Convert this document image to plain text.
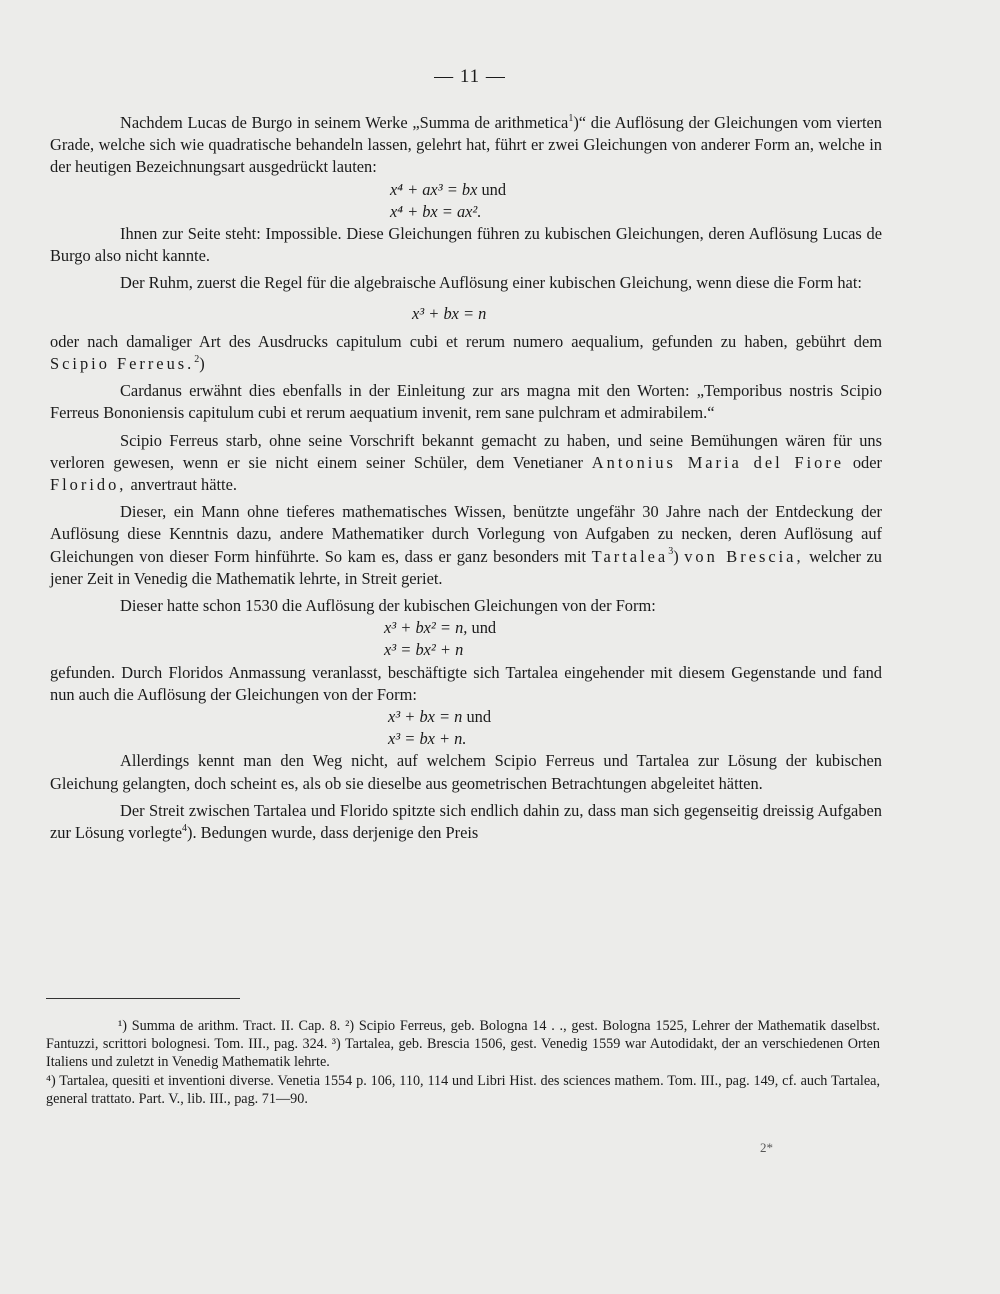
— 11 —

Nachdem Lucas de Burgo in seinem Werke „Summa de arithmetica$^1$)“ die Auflösung der Gleichungen vom vierten Grade, welche sich wie quadratische behandeln lassen, gelehrt hat, führt er zwei Gleichungen von anderer Form an, welche in der heutigen Bezeichnungsart ausgedrückt lauten:

x⁴ + ax³ = bx und

x⁴ + bx = ax².

Ihnen zur Seite steht: Impossible. Diese Gleichungen führen zu kubischen Gleichungen, deren Auflösung Lucas de Burgo also nicht kannte.

Der Ruhm, zuerst die Regel für die algebraische Auflösung einer kubischen Gleichung, wenn diese die Form hat:

x³ + bx = n

oder nach damaliger Art des Ausdrucks capitulum cubi et rerum numero aequalium, gefunden zu haben, gebührt dem Scipio Ferreus.$^2$)

Cardanus erwähnt dies ebenfalls in der Einleitung zur ars magna mit den Worten: „Temporibus nostris Scipio Ferreus Bononiensis capitulum cubi et rerum aequatium invenit, rem sane pulchram et admirabilem.“

Scipio Ferreus starb, ohne seine Vorschrift bekannt gemacht zu haben, und seine Bemühungen wären für uns verloren gewesen, wenn er sie nicht einem seiner Schüler, dem Venetianer Antonius Maria del Fiore oder Florido, anvertraut hätte.

Dieser, ein Mann ohne tieferes mathematisches Wissen, benützte ungefähr 30 Jahre nach der Entdeckung der Auflösung diese Kenntnis dazu, andere Mathematiker durch Vorlegung von Aufgaben zu necken, deren Auflösung auf Gleichungen von dieser Form hinführte. So kam es, dass er ganz besonders mit Tartalea$^3$) von Brescia, welcher zu jener Zeit in Venedig die Mathematik lehrte, in Streit geriet.

Dieser hatte schon 1530 die Auflösung der kubischen Gleichungen von der Form:

x³ + bx² = n, und

x³ = bx² + n

gefunden. Durch Floridos Anmassung veranlasst, beschäftigte sich Tartalea eingehender mit diesem Gegenstande und fand nun auch die Auflösung der Gleichungen von der Form:

x³ + bx = n und

x³ = bx + n.

Allerdings kennt man den Weg nicht, auf welchem Scipio Ferreus und Tartalea zur Lösung der kubischen Gleichung gelangten, doch scheint es, als ob sie dieselbe aus geometrischen Betrachtungen abgeleitet hätten.

Der Streit zwischen Tartalea und Florido spitzte sich endlich dahin zu, dass man sich gegenseitig dreissig Aufgaben zur Lösung vorlegte$^4$). Bedungen wurde, dass derjenige den Preis

¹) Summa de arithm. Tract. II. Cap. 8. ²) Scipio Ferreus, geb. Bologna 14 . ., gest. Bologna 1525, Lehrer der Mathematik daselbst. Fantuzzi, scrittori bolognesi. Tom. III., pag. 324. ³) Tartalea, geb. Brescia 1506, gest. Venedig 1559 war Autodidakt, der an verschiedenen Orten Italiens und zuletzt in Venedig Mathematik lehrte.

⁴) Tartalea, quesiti et inventioni diverse. Venetia 1554 p. 106, 110, 114 und Libri Hist. des sciences mathem. Tom. III., pag. 149, cf. auch Tartalea, general trattato. Part. V., lib. III., pag. 71—90.

2*
